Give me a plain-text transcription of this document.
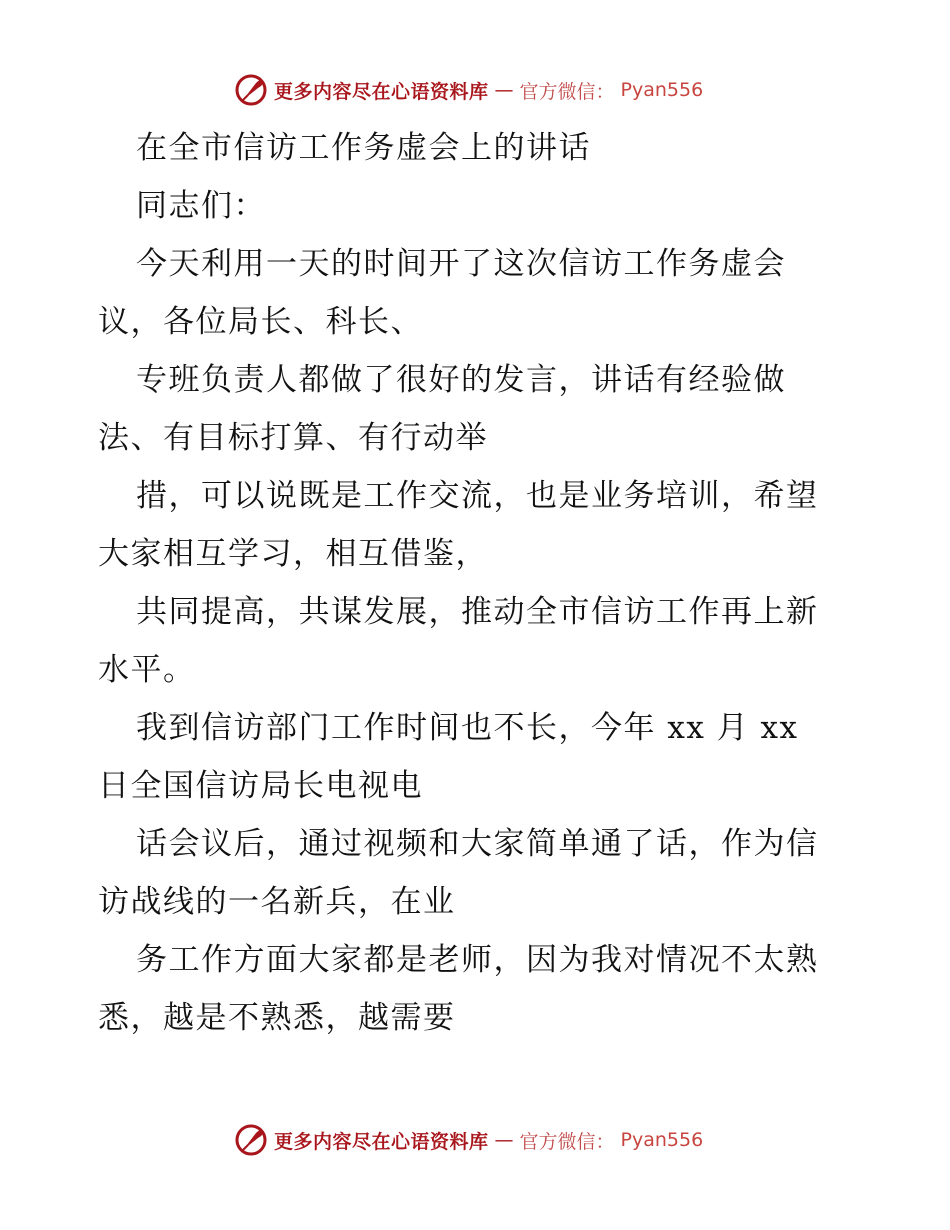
更多内容尽在心语资料库 — 官方微信： Pyan556

在全市信访工作务虚会上的讲话

同志们：

今天利用一天的时间开了这次信访工作务虚会

议，各位局长、科长、

专班负责人都做了很好的发言，讲话有经验做

法、有目标打算、有行动举

措，可以说既是工作交流，也是业务培训，希望

大家相互学习，相互借鉴，

共同提高，共谋发展，推动全市信访工作再上新

水平。

我到信访部门工作时间也不长，今年 xx 月 xx

日全国信访局长电视电

话会议后，通过视频和大家简单通了话，作为信

访战线的一名新兵，在业

务工作方面大家都是老师，因为我对情况不太熟

悉，越是不熟悉，越需要

更多内容尽在心语资料库 — 官方微信： Pyan556
